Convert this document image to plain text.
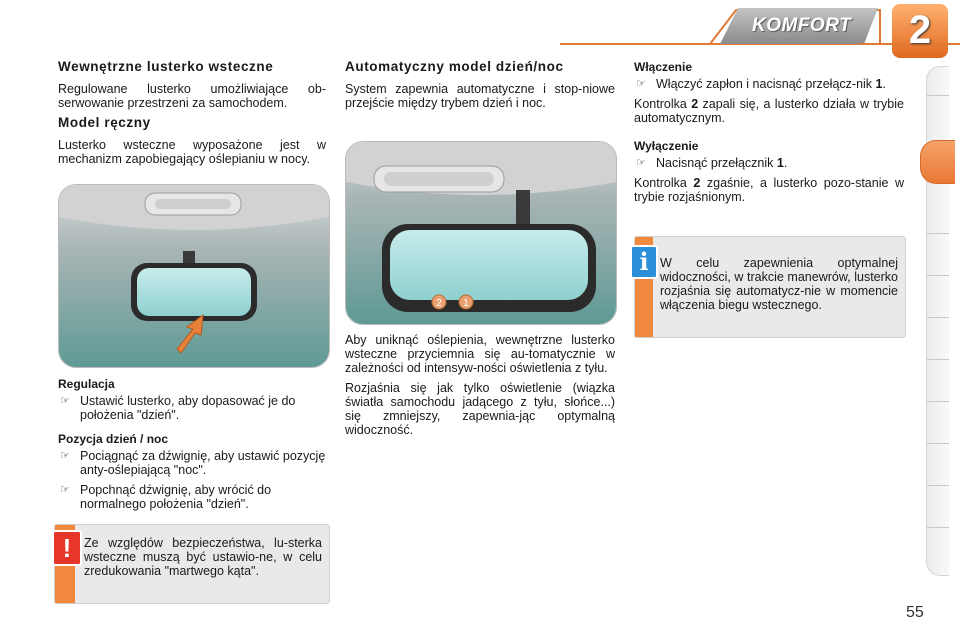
KOMFORT 2
Wewnętrzne lusterko wsteczne

Regulowane lusterko umożliwiające ob-serwowanie przestrzeni za samochodem.

Model ręczny

Lusterko wsteczne wyposażone jest w mechanizm zapobiegający oślepianiu w nocy.

Regulacja
☞ Ustawić lusterko, aby dopasować je do położenia "dzień".
Pozycja dzień / noc
☞ Pociągnąć za dźwignię, aby ustawić pozycję anty-oślepiającą "noc".
☞ Popchnąć dźwignię, aby wrócić do normalnego położenia "dzień".
!	Ze względów bezpieczeństwa, lu-sterka wsteczne muszą być ustawio-ne, w celu zredukowania "martwego kąta".
Automatyczny model dzień/noc

System zapewnia automatyczne i stop-niowe przejście między trybem dzień i noc.

2 1

Aby uniknąć oślepienia, wewnętrzne lusterko wsteczne przyciemnia się au-tomatycznie w zależności od intensyw-ności oświetlenia z tyłu.

Rozjaśnia się jak tylko oświetlenie (wiązka światła samochodu jadącego z tyłu, słońce...) się zmniejszy, zapewnia-jąc optymalną widoczność.

Włączenie
☞ Włączyć zapłon i nacisnąć przełącz-nik 1.

Kontrolka 2 zapali się, a lusterko działa w trybie automatycznym.

Wyłączenie
☞ Nacisnąć przełącznik 1.

Kontrolka 2 zgaśnie, a lusterko pozo-stanie w trybie rozjaśnionym.

i W celu zapewnienia optymalnej widoczności, w trakcie manewrów, lusterko rozjaśnia się automatycz-nie w momencie włączenia biegu wstecznego.
55
